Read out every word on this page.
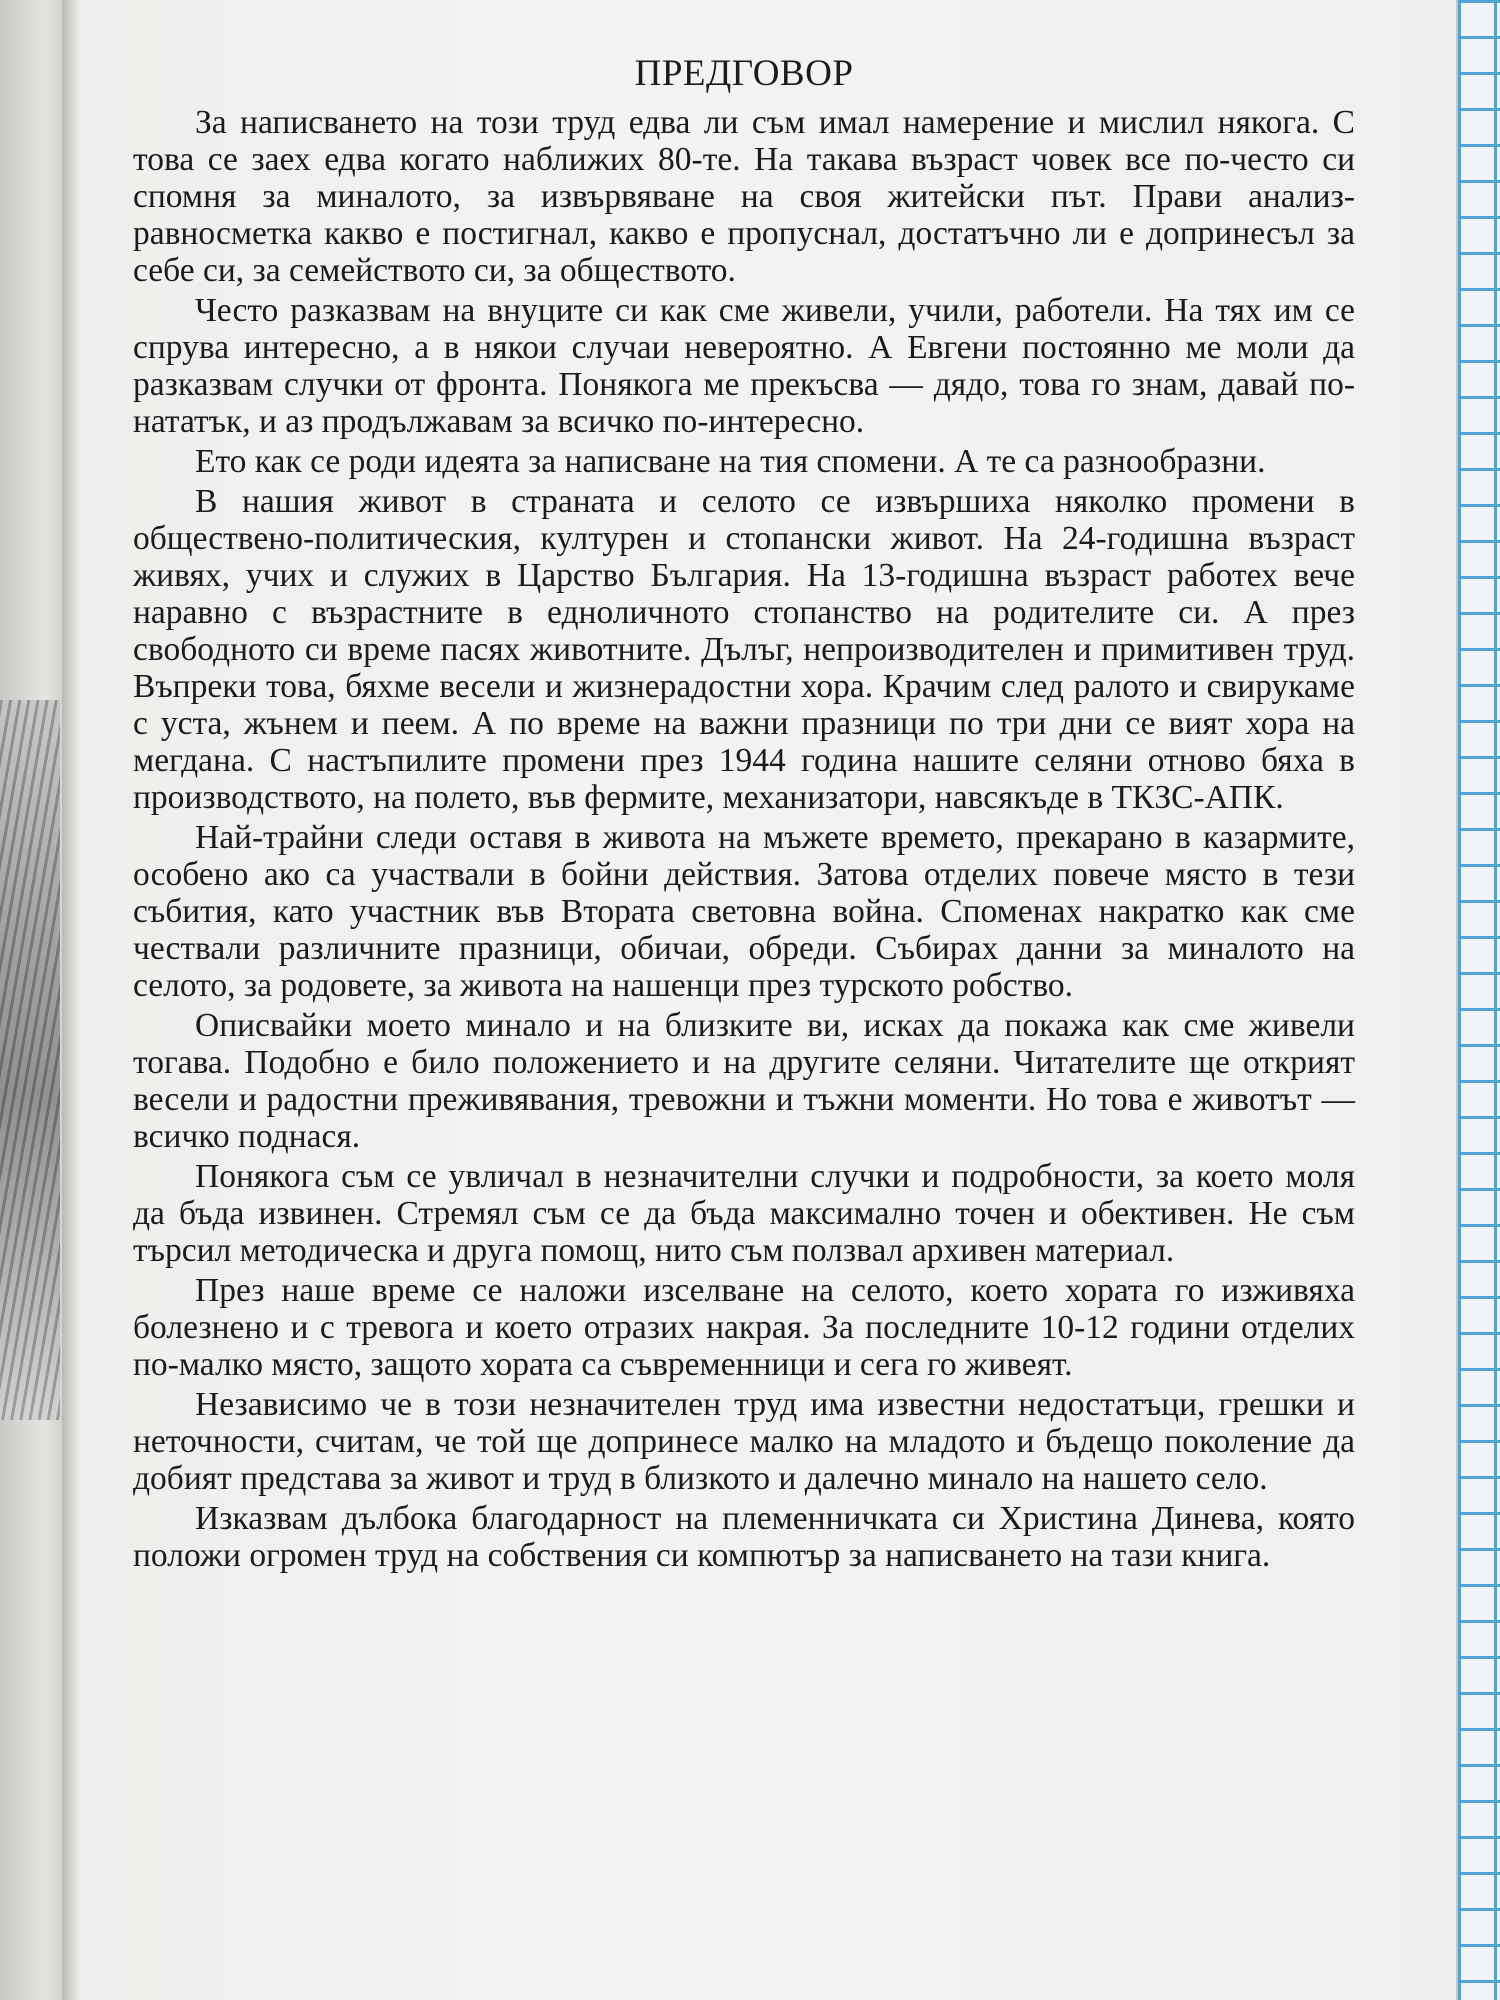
ПРЕДГОВОР

За написването на този труд едва ли съм имал намерение и мислил някога. С това се заех едва когато наближих 80-те. На такава възраст човек все по-често си спомня за миналото, за извървяване на своя житейски път. Прави анализ-равносметка какво е постигнал, какво е пропуснал, достатъчно ли е допринесъл за себе си, за семейството си, за обществото.

Често разказвам на внуците си как сме живели, учили, работели. На тях им се спрува интересно, а в някои случаи невероятно. А Евгени постоянно ме моли да разказвам случки от фронта. Понякога ме прекъсва — дядо, това го знам, давай по-нататък, и аз продължавам за всичко по-интересно.

Ето как се роди идеята за написване на тия спомени. А те са разнообразни.

В нашия живот в страната и селото се извършиха няколко промени в обществено-политическия, културен и стопански живот. На 24-годишна възраст живях, учих и служих в Царство България. На 13-годишна възраст работех вече наравно с възрастните в едноличното стопанство на родителите си. А през свободното си време пасях животните. Дълъг, непроизводителен и примитивен труд. Въпреки това, бяхме весели и жизнерадостни хора. Крачим след ралото и свирукаме с уста, жънем и пеем. А по време на важни празници по три дни се вият хора на мегдана. С настъпилите промени през 1944 година нашите селяни отново бяха в производството, на полето, във фермите, механизатори, навсякъде в ТКЗС-АПК.

Най-трайни следи оставя в живота на мъжете времето, прекарано в казармите, особено ако са участвали в бойни действия. Затова отделих повече място в тези събития, като участник във Втората световна война. Споменах накратко как сме чествали различните празници, обичаи, обреди. Събирах данни за миналото на селото, за родовете, за живота на нашенци през турското робство.

Описвайки моето минало и на близките ви, исках да покажа как сме живели тогава. Подобно е било положението и на другите селяни. Читателите ще открият весели и радостни преживявания, тревожни и тъжни моменти. Но това е животът — всичко поднася.

Понякога съм се увличал в незначителни случки и подробности, за което моля да бъда извинен. Стремял съм се да бъда максимално точен и обективен. Не съм търсил методическа и друга помощ, нито съм ползвал архивен материал.

През наше време се наложи изселване на селото, което хората го изживяха болезнено и с тревога и което отразих накрая. За последните 10-12 години отделих по-малко място, защото хората са съвременници и сега го живеят.

Независимо че в този незначителен труд има известни недостатъци, грешки и неточности, считам, че той ще допринесе малко на младото и бъдещо поколение да добият представа за живот и труд в близкото и далечно минало на нашето село.

Изказвам дълбока благодарност на племенничката си Христина Динева, която положи огромен труд на собствения си компютър за написването на тази книга.
